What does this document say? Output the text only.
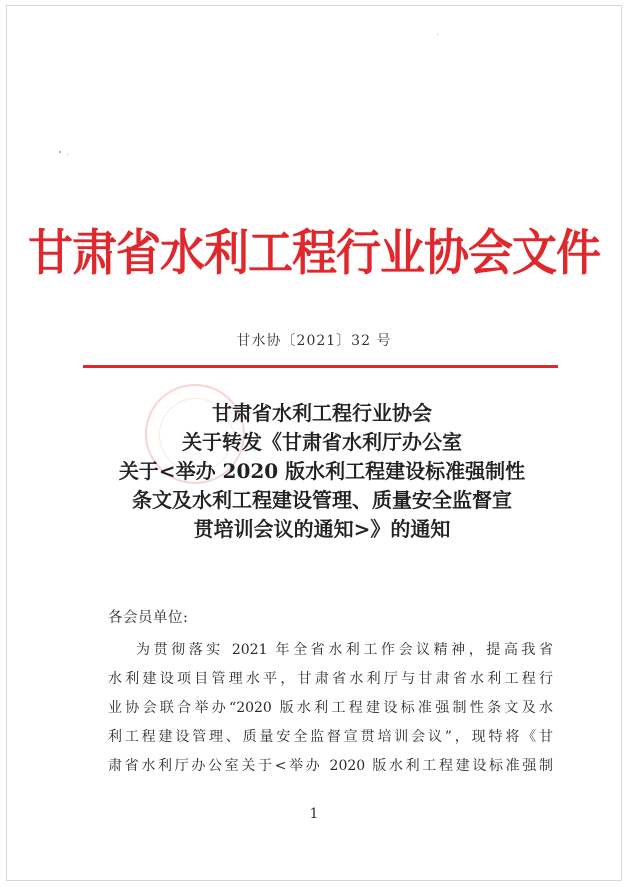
甘肃省水利工程行业协会文件
甘水协〔2021〕32 号
甘肃省水利工程行业协会
关于转发《甘肃省水利厅办公室
关于<举办 2020 版水利工程建设标准强制性
条文及水利工程建设管理、质量安全监督宣
贯培训会议的通知>》的通知
各会员单位:
为贯彻落实 2021 年全省水利工作会议精神，提高我省
水利建设项目管理水平，甘肃省水利厅与甘肃省水利工程行
业协会联合举办“2020 版水利工程建设标准强制性条文及水
利工程建设管理、质量安全监督宣贯培训会议”，现特将《甘
肃省水利厅办公室关于<举办 2020 版水利工程建设标准强制
1
